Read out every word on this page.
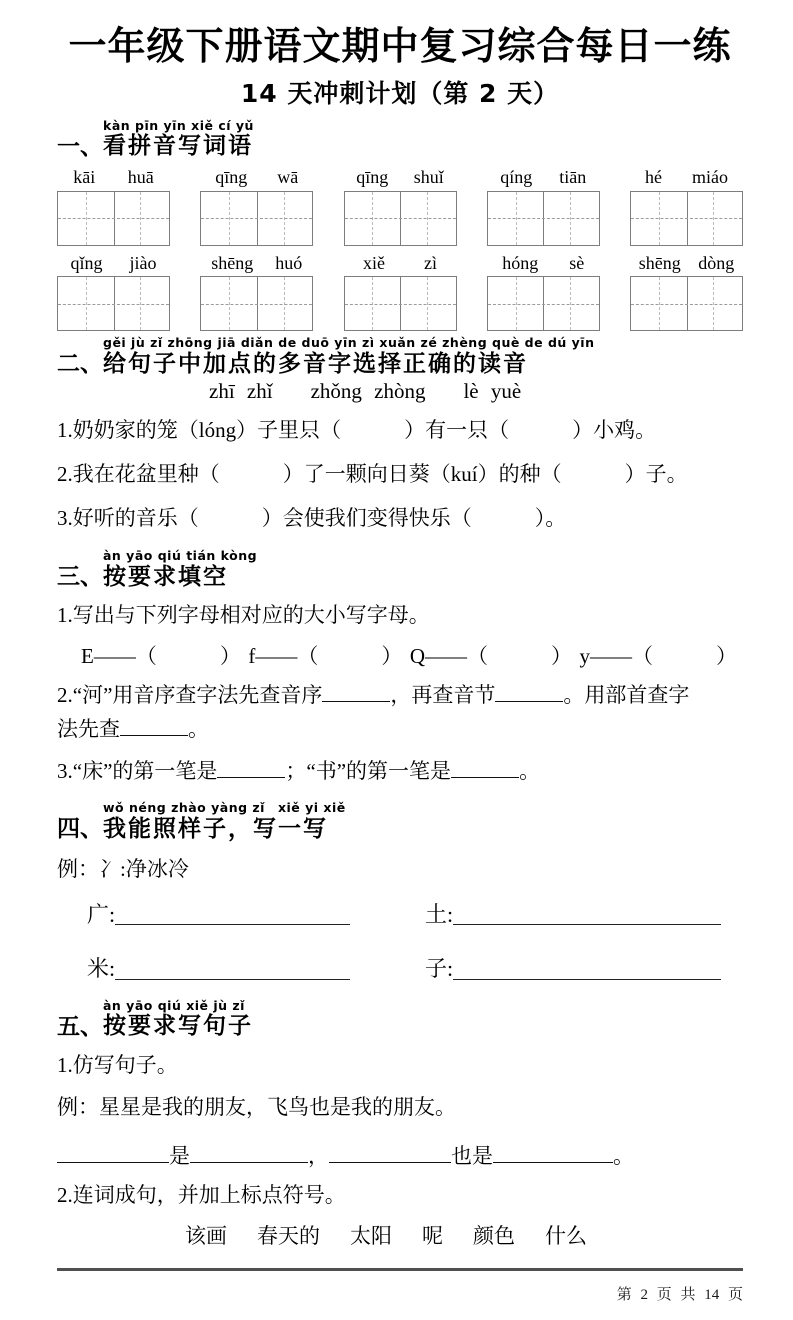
一年级下册语文期中复习综合每日一练
14 天冲刺计划（第 2 天）
一、
kàn pīn yīn xiě cí yǔ
看拼音写词语
kāi huā	qīng wā	qīng shuǐ	qíng tiān	hé miáo
qǐng jiào	shēng huó	xiě zì	hóng sè	shēng dòng
二、
gěi jù zǐ zhōng jiā diǎn de duō yīn zì xuǎn zé zhèng què de dú yīn
给句子中加点的多音字选择正确的读音
zhī zhǐ zhǒng zhòng lè yuè

1.奶奶家的笼（lóng）子里只（　　　）有一只（　　　）小鸡。

2.我在花盆里种（　　　）了一颗向日葵（kuí）的种（　　　）子。

3.好听的音乐（　　　）会使我们变得快乐（　　　）。

三、
àn yāo qiú tián kòng
按要求填空

1.写出与下列字母相对应的大小写字母。

E——（　　　） f——（　　　） Q——（　　　） y——（　　　）

2.“河”用音序查字法先查音序	，再查音节	。用部首查字
法先查	。

3.“床”的第一笔是	；“书”的第一笔是	。

四、
wǒ néng zhào yàng zǐ　xiě yi xiě
我能照样子，写一写

例：冫:净冰冷

广:	土:
米:	子:
五、
àn yāo qiú xiě jù zǐ
按要求写句子

1.仿写句子。

例：星星是我的朋友，飞鸟也是我的朋友。

是	，	也是	。

2.连词成句，并加上标点符号。

该画 春天的 太阳 呢 颜色 什么
第 2 页 共 14 页
